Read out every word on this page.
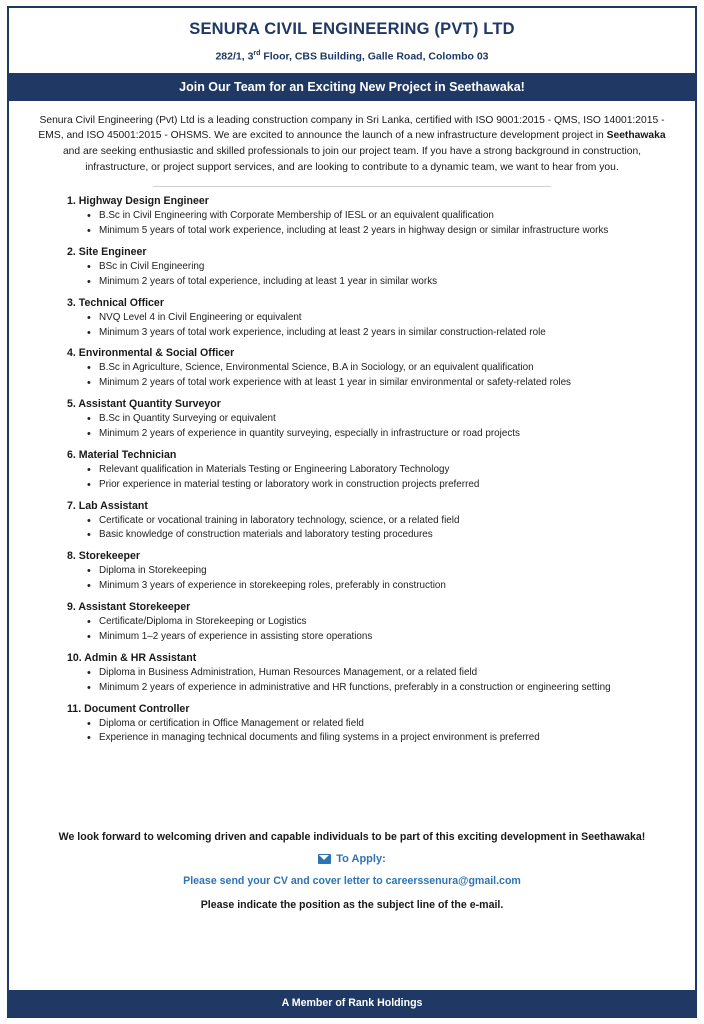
SENURA CIVIL ENGINEERING (PVT) LTD
282/1, 3rd Floor, CBS Building, Galle Road, Colombo 03
Join Our Team for an Exciting New Project in Seethawaka!
Senura Civil Engineering (Pvt) Ltd is a leading construction company in Sri Lanka, certified with ISO 9001:2015 - QMS, ISO 14001:2015 - EMS, and ISO 45001:2015 - OHSMS. We are excited to announce the launch of a new infrastructure development project in Seethawaka and are seeking enthusiastic and skilled professionals to join our project team. If you have a strong background in construction, infrastructure, or project support services, and are looking to contribute to a dynamic team, we want to hear from you.
1. Highway Design Engineer
• B.Sc in Civil Engineering with Corporate Membership of IESL or an equivalent qualification
• Minimum 5 years of total work experience, including at least 2 years in highway design or similar infrastructure works
2. Site Engineer
• BSc in Civil Engineering
• Minimum 2 years of total experience, including at least 1 year in similar works
3. Technical Officer
• NVQ Level 4 in Civil Engineering or equivalent
• Minimum 3 years of total work experience, including at least 2 years in similar construction-related role
4. Environmental & Social Officer
• B.Sc in Agriculture, Science, Environmental Science, B.A in Sociology, or an equivalent qualification
• Minimum 2 years of total work experience with at least 1 year in similar environmental or safety-related roles
5. Assistant Quantity Surveyor
• B.Sc in Quantity Surveying or equivalent
• Minimum 2 years of experience in quantity surveying, especially in infrastructure or road projects
6. Material Technician
• Relevant qualification in Materials Testing or Engineering Laboratory Technology
• Prior experience in material testing or laboratory work in construction projects preferred
7. Lab Assistant
• Certificate or vocational training in laboratory technology, science, or a related field
• Basic knowledge of construction materials and laboratory testing procedures
8. Storekeeper
• Diploma in Storekeeping
• Minimum 3 years of experience in storekeeping roles, preferably in construction
9. Assistant Storekeeper
• Certificate/Diploma in Storekeeping or Logistics
• Minimum 1–2 years of experience in assisting store operations
10. Admin & HR Assistant
• Diploma in Business Administration, Human Resources Management, or a related field
• Minimum 2 years of experience in administrative and HR functions, preferably in a construction or engineering setting
11. Document Controller
• Diploma or certification in Office Management or related field
• Experience in managing technical documents and filing systems in a project environment is preferred
We look forward to welcoming driven and capable individuals to be part of this exciting development in Seethawaka!
To Apply:
Please send your CV and cover letter to careerssenura@gmail.com
Please indicate the position as the subject line of the e-mail.
A Member of Rank Holdings
